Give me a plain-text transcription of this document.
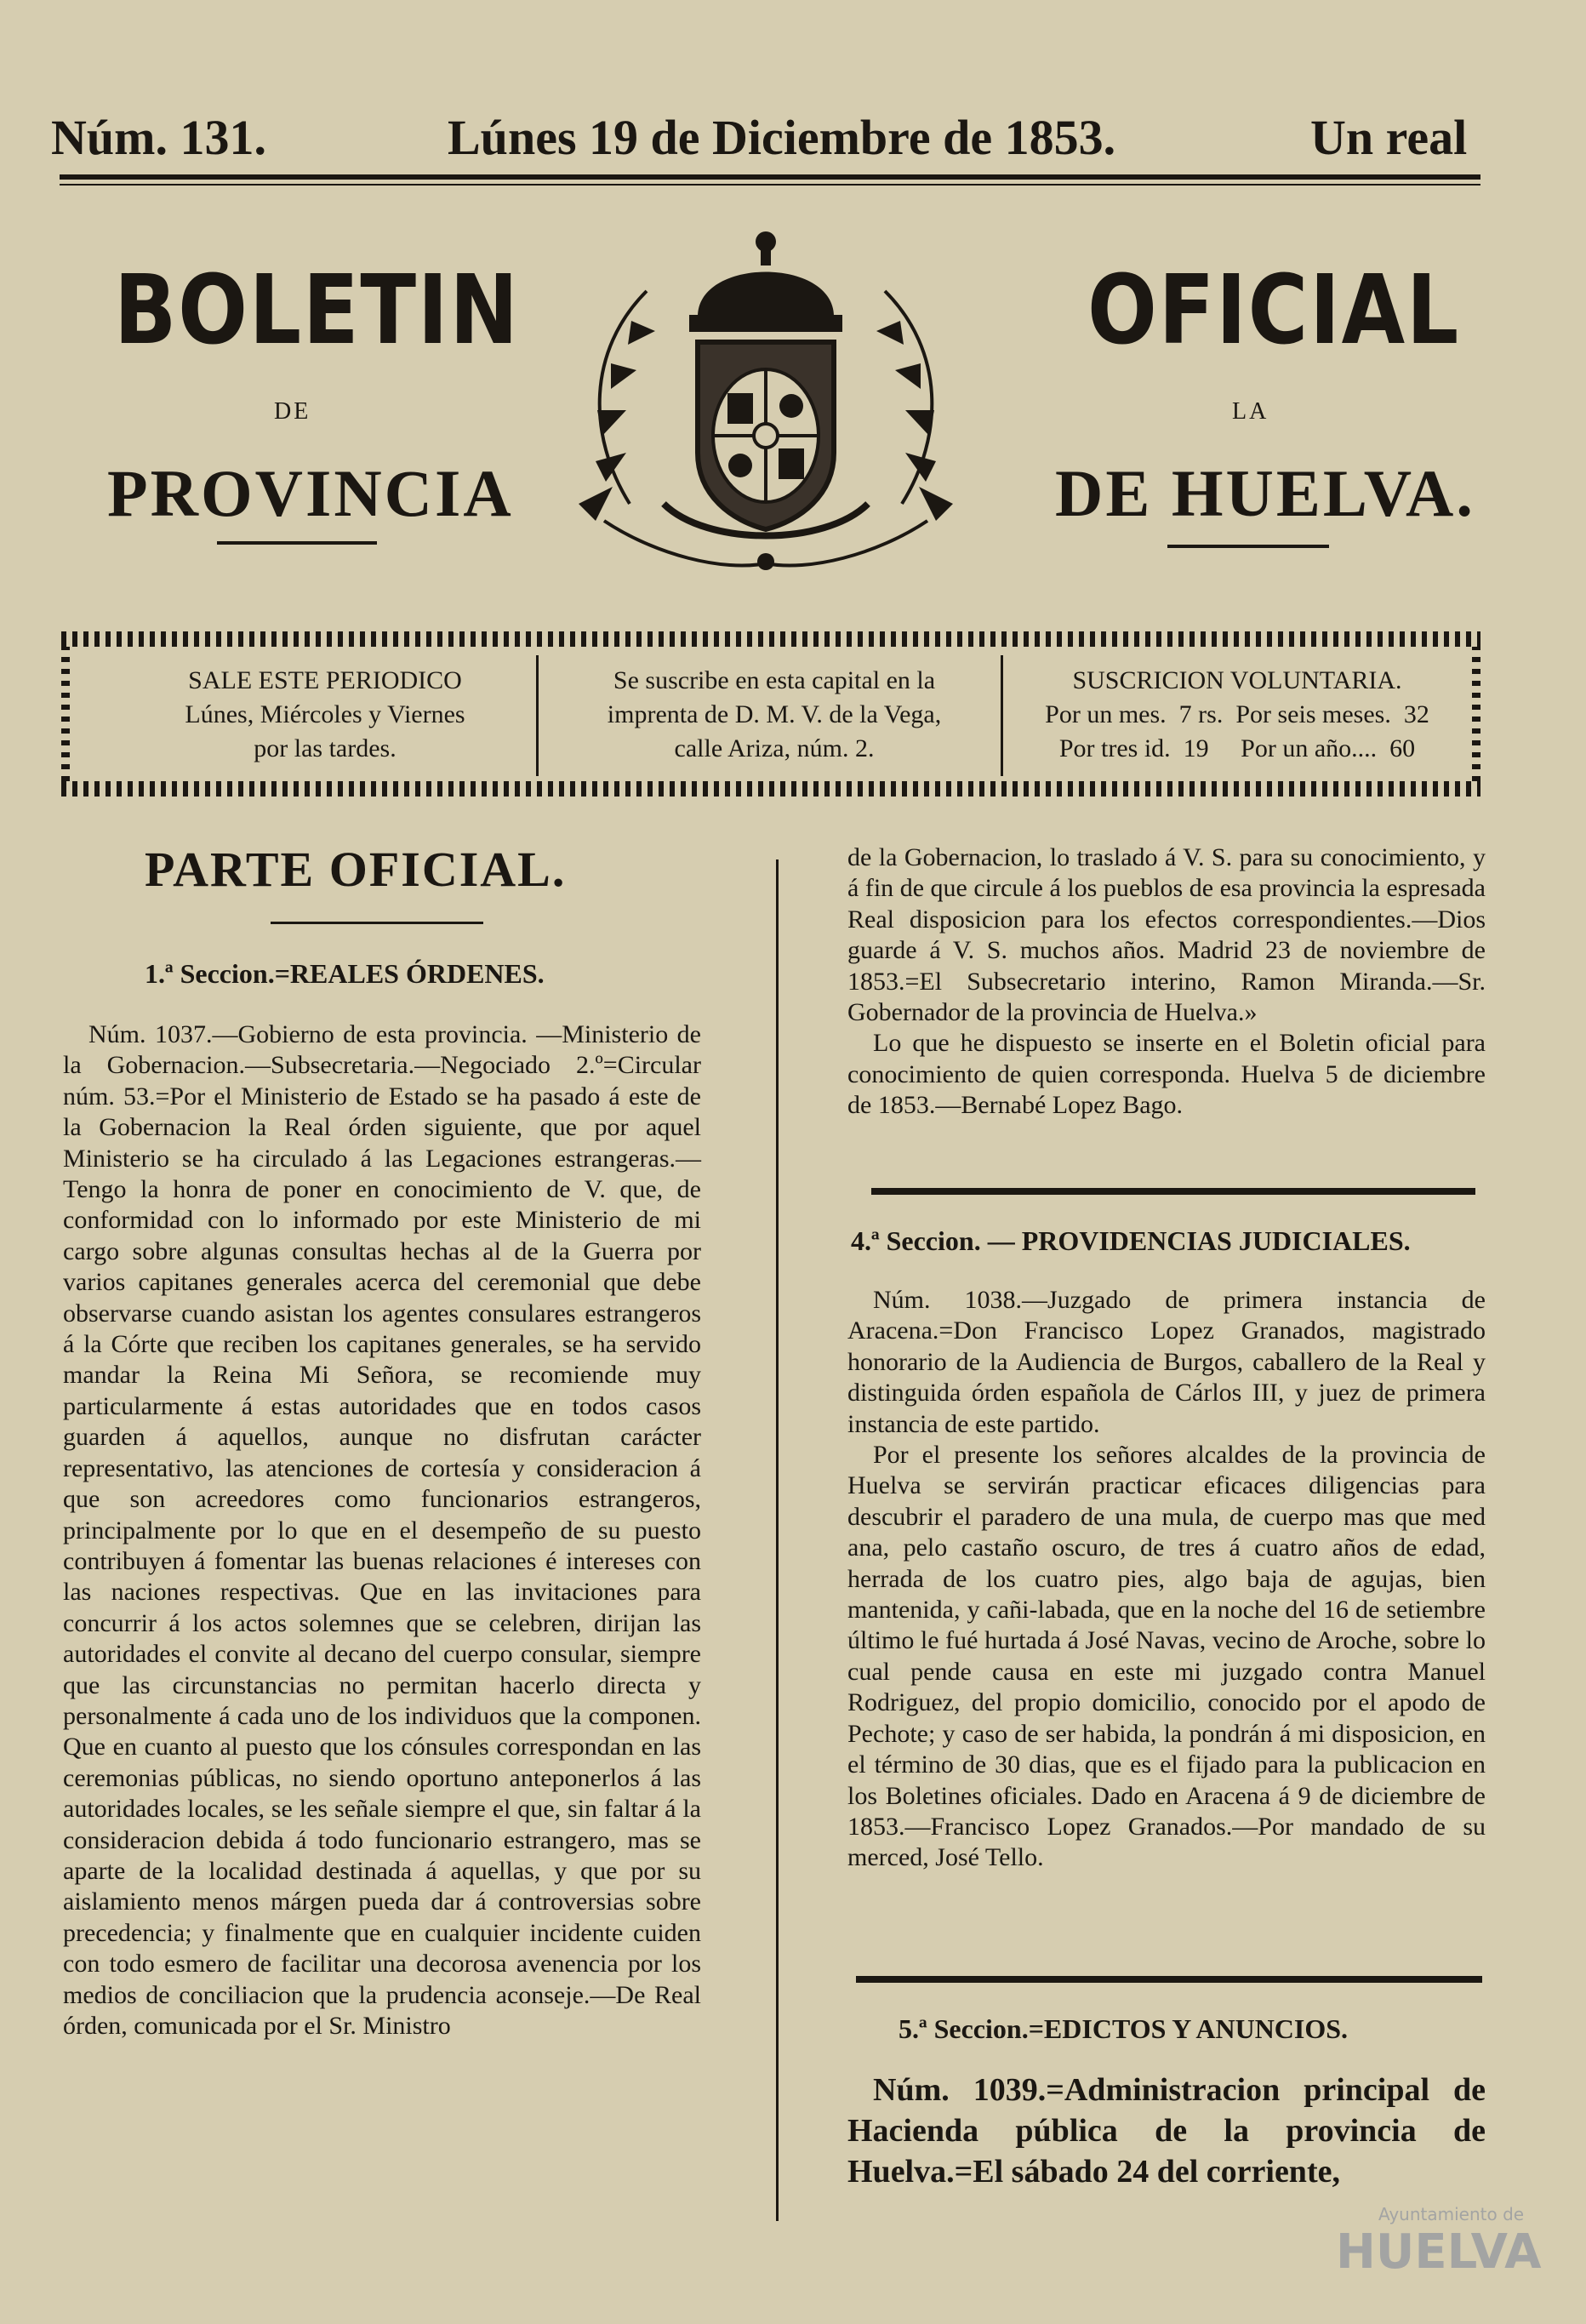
Núm. 131.	Lúnes 19 de Diciembre de 1853.	Un real
BOLETIN
DE
PROVINCIA
OFICIAL
LA
DE HUELVA.
SALE ESTE PERIODICO
Lúnes, Miércoles y Viernes
por las tardes.
Se suscribe en esta capital en la
imprenta de D. M. V. de la Vega,
calle Ariza, núm. 2.
SUSCRICION VOLUNTARIA.
Por un mes.  7 rs.  Por seis meses.  32
Por tres id.  19     Por un año....  60
PARTE OFICIAL.
1.ª Seccion.=REALES ÓRDENES.

Núm. 1037.—Gobierno de esta provincia. —Ministerio de la Gobernacion.—Subsecretaria.—Negociado 2.º=Circular núm. 53.=Por el Ministerio de Estado se ha pasado á este de la Gobernacion la Real órden siguiente, que por aquel Ministerio se ha circulado á las Legaciones estrangeras.—Tengo la honra de poner en conocimiento de V. que, de conformidad con lo informado por este Ministerio de mi cargo sobre algunas consultas hechas al de la Guerra por varios capitanes generales acerca del ceremonial que debe observarse cuando asistan los agentes consulares estrangeros á la Córte que reciben los capitanes generales, se ha servido mandar la Reina Mi Señora, se recomiende muy particularmente á estas autoridades que en todos casos guarden á aquellos, aunque no disfrutan carácter representativo, las atenciones de cortesía y consideracion á que son acreedores como funcionarios estrangeros, principalmente por lo que en el desempeño de su puesto contribuyen á fomentar las buenas relaciones é intereses con las naciones respectivas. Que en las invitaciones para concurrir á los actos solemnes que se celebren, dirijan las autoridades el convite al decano del cuerpo consular, siempre que las circunstancias no permitan hacerlo directa y personalmente á cada uno de los individuos que la componen. Que en cuanto al puesto que los cónsules correspondan en las ceremonias públicas, no siendo oportuno anteponerlos á las autoridades locales, se les señale siempre el que, sin faltar á la consideracion debida á todo funcionario estrangero, mas se aparte de la localidad destinada á aquellas, y que por su aislamiento menos márgen pueda dar á controversias sobre precedencia; y finalmente que en cualquier incidente cuiden con todo esmero de facilitar una decorosa avenencia por los medios de conciliacion que la prudencia aconseje.—De Real órden, comunicada por el Sr. Ministro

de la Gobernacion, lo traslado á V. S. para su conocimiento, y á fin de que circule á los pueblos de esa provincia la espresada Real disposicion para los efectos correspondientes.—Dios guarde á V. S. muchos años. Madrid 23 de noviembre de 1853.=El Subsecretario interino, Ramon Miranda.—Sr. Gobernador de la provincia de Huelva.»

Lo que he dispuesto se inserte en el Boletin oficial para conocimiento de quien corresponda. Huelva 5 de diciembre de 1853.—Bernabé Lopez Bago.

4.ª Seccion. — PROVIDENCIAS JUDICIALES.

Núm. 1038.—Juzgado de primera instancia de Aracena.=Don Francisco Lopez Granados, magistrado honorario de la Audiencia de Burgos, caballero de la Real y distinguida órden española de Cárlos III, y juez de primera instancia de este partido.

Por el presente los señores alcaldes de la provincia de Huelva se servirán practicar eficaces diligencias para descubrir el paradero de una mula, de cuerpo mas que med ana, pelo castaño oscuro, de tres á cuatro años de edad, herrada de los cuatro pies, algo baja de agujas, bien mantenida, y cañi-labada, que en la noche del 16 de setiembre último le fué hurtada á José Navas, vecino de Aroche, sobre lo cual pende causa en este mi juzgado contra Manuel Rodriguez, del propio domicilio, conocido por el apodo de Pechote; y caso de ser habida, la pondrán á mi disposicion, en el término de 30 dias, que es el fijado para la publicacion en los Boletines oficiales. Dado en Aracena á 9 de diciembre de 1853.—Francisco Lopez Granados.—Por mandado de su merced, José Tello.

5.ª Seccion.=EDICTOS Y ANUNCIOS.

Núm. 1039.=Administracion principal de Hacienda pública de la provincia de Huelva.=El sábado 24 del corriente,

Ayuntamiento de
HUELVA
